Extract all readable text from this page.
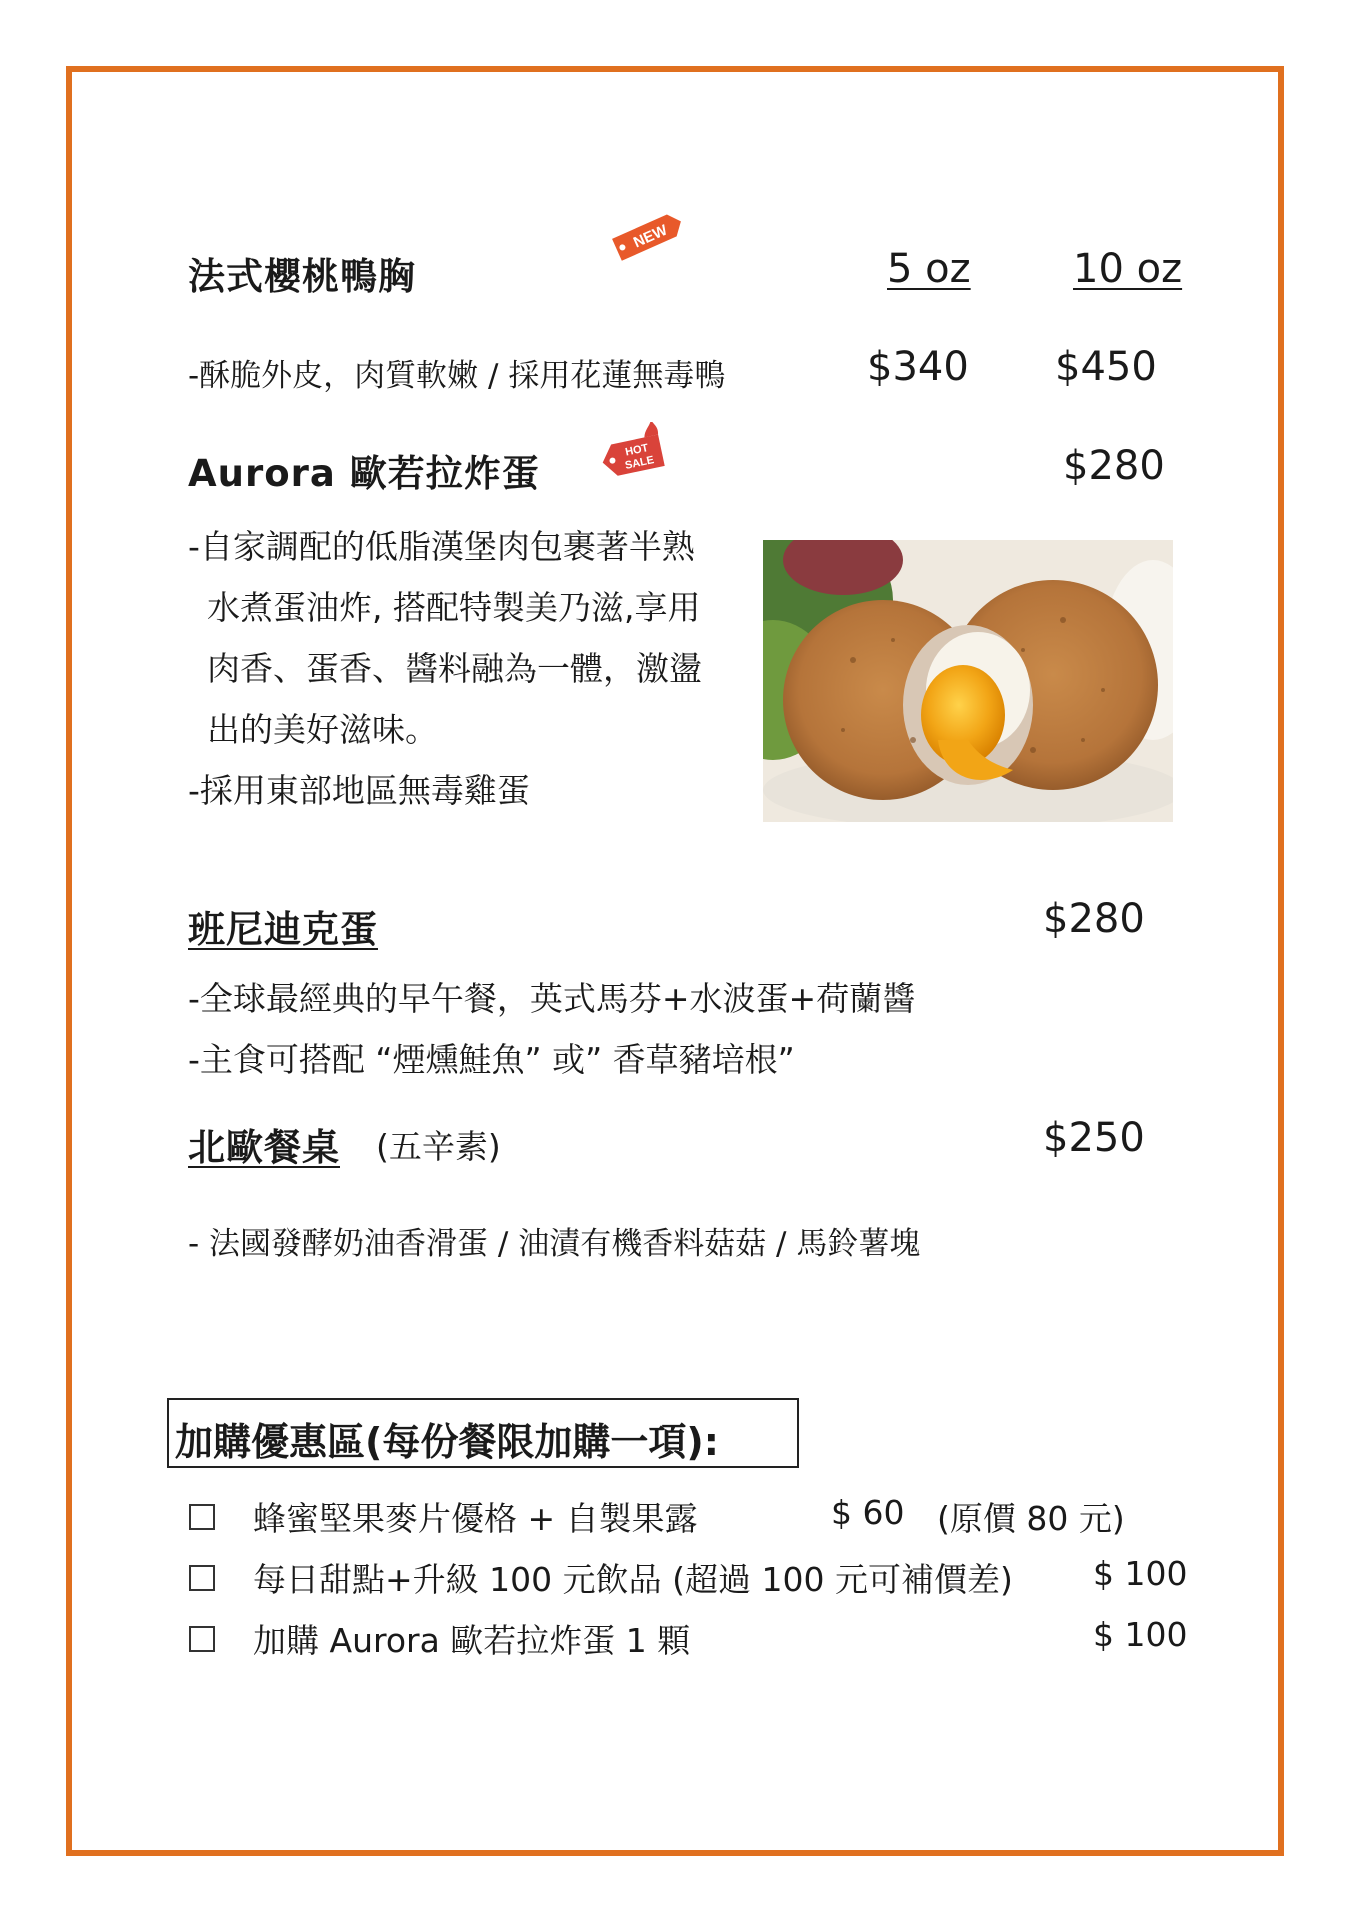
法式櫻桃鴨胸
NEW
5 oz	10 oz
-酥脆外皮，肉質軟嫩 / 採用花蓮無毒鴨	$340 $450
Aurora 歐若拉炸蛋
HOT
SALE	$280
-自家調配的低脂漢堡肉包裹著半熟
水煮蛋油炸, 搭配特製美乃滋,享用
肉香、蛋香、醬料融為一體，激盪
出的美好滋味。
-採用東部地區無毒雞蛋
班尼迪克蛋	$280
-全球最經典的早午餐，英式馬芬+水波蛋+荷蘭醬
-主食可搭配 “煙燻鮭魚” 或” 香草豬培根”
北歐餐桌 (五辛素)	$250
- 法國發酵奶油香滑蛋 / 油漬有機香料菇菇 / 馬鈴薯塊
加購優惠區(每份餐限加購一項):
蜂蜜堅果麥片優格 + 自製果露	$ 60 (原價 80 元)
每日甜點+升級 100 元飲品 (超過 100 元可補價差) $ 100
加購 Aurora 歐若拉炸蛋 1 顆	$ 100
